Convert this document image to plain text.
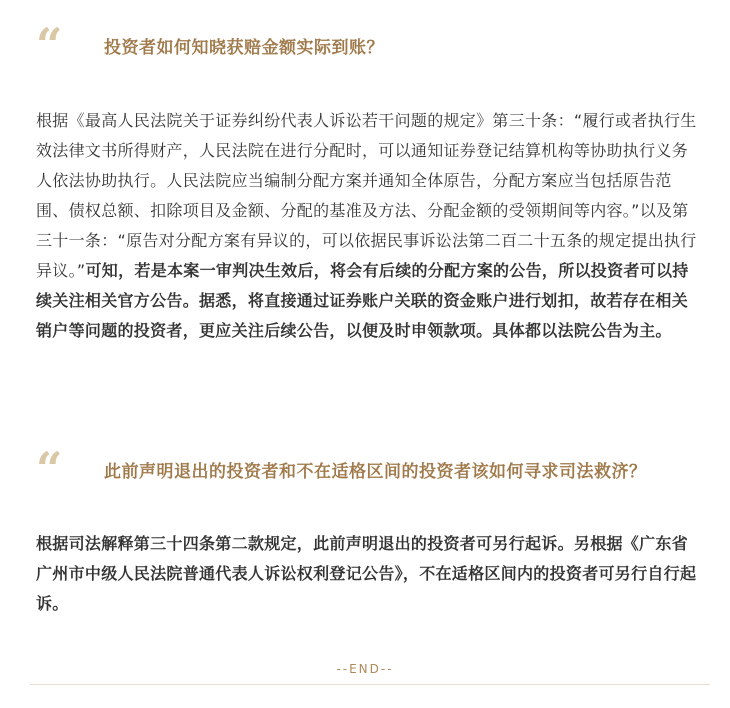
“ 投资者如何知晓获赔金额实际到账？

根据《最高人民法院关于证券纠纷代表人诉讼若干问题的规定》第三十条：“履行或者执行生效法律文书所得财产，人民法院在进行分配时，可以通知证券登记结算机构等协助执行义务人依法协助执行。人民法院应当编制分配方案并通知全体原告，分配方案应当包括原告范围、债权总额、扣除项目及金额、分配的基准及方法、分配金额的受领期间等内容。”以及第三十一条：“原告对分配方案有异议的，可以依据民事诉讼法第二百二十五条的规定提出执行异议。”可知，若是本案一审判决生效后，将会有后续的分配方案的公告，所以投资者可以持续关注相关官方公告。据悉，将直接通过证券账户关联的资金账户进行划扣，故若存在相关销户等问题的投资者，更应关注后续公告，以便及时申领款项。具体都以法院公告为主。

“ 此前声明退出的投资者和不在适格区间的投资者该如何寻求司法救济？

根据司法解释第三十四条第二款规定，此前声明退出的投资者可另行起诉。另根据《广东省广州市中级人民法院普通代表人诉讼权利登记公告》，不在适格区间内的投资者可另行自行起诉。

--END--
